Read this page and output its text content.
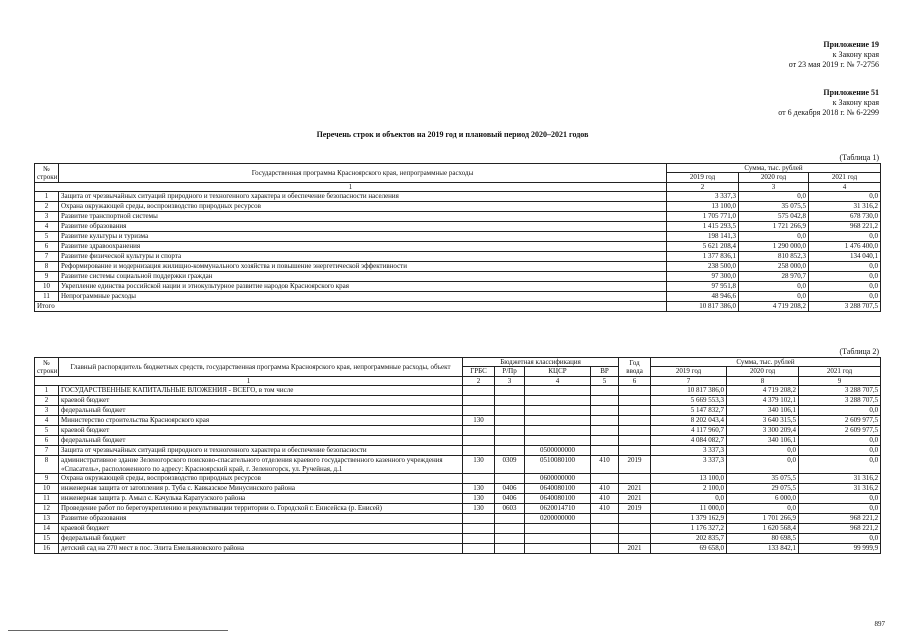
Приложение 19
к Закону края
от 23 мая 2019 г. № 7-2756
Приложение 51
к Закону края
от 6 декабря 2018 г. № 6-2299
Перечень строк и объектов на 2019 год и плановый период 2020–2021 годов
(Таблица 1)
№ строки	Государственная программа Красноярского края, непрограммные расходы	Сумма, тыс. рублей		
		2019 год	2020 год	2021 год
1		2	3	4
1	Защита от чрезвычайных ситуаций природного и техногенного характера и обеспечение безопасности населения	3 337,3	0,0	0,0
2	Охрана окружающей среды, воспроизводство природных ресурсов	13 100,0	35 075,5	31 316,2
3	Развитие транспортной системы	1 705 771,0	575 042,8	678 730,0
4	Развитие образования	1 415 293,5	1 721 266,9	968 221,2
5	Развитие культуры и туризма	198 141,3	0,0	0,0
6	Развитие здравоохранения	5 621 208,4	1 290 000,0	1 476 400,0
7	Развитие физической культуры и спорта	1 377 836,1	810 852,3	134 040,1
8	Реформирование и модернизация жилищно-коммунального хозяйства и повышение энергетической эффективности	238 500,0	258 000,0	0,0
9	Развитие системы социальной поддержки граждан	97 300,0	28 970,7	0,0
10	Укрепление единства российской нации и этнокультурное развитие народов Красноярского края	97 951,8	0,0	0,0
11	Непрограммные расходы	48 946,6	0,0	0,0
Итого		10 817 386,0	4 719 208,2	3 288 707,5
(Таблица 2)
№ строки	Главный распорядитель бюджетных средств, государственная программа Красноярского края, непрограммные расходы, объект	Бюджетная классификация				Год ввода	Сумма, тыс. рублей		
		ГРБС	Р/Пр	КЦСР	ВР		2019 год	2020 год	2021 год
1		2	3	4	5	6	7	8	9
1	ГОСУДАРСТВЕННЫЕ КАПИТАЛЬНЫЕ ВЛОЖЕНИЯ - ВСЕГО, в том числе						10 817 386,0	4 719 208,2	3 288 707,5
2	краевой бюджет						5 669 553,3	4 379 102,1	3 288 707,5
3	федеральный бюджет						5 147 832,7	340 106,1	0,0
4	Министерство строительства Красноярского края	130					8 202 043,4	3 640 315,5	2 609 977,5
5	краевой бюджет						4 117 960,7	3 300 209,4	2 609 977,5
6	федеральный бюджет						4 084 082,7	340 106,1	0,0
7	Защита от чрезвычайных ситуаций природного и техногенного характера и обеспечение безопасности			0500000000			3 337,3	0,0	0,0
8	административное здание Зеленогорского поисково-спасательного отделения краевого государственного казенного учреждения «Спасатель», расположенного по адресу: Красноярский край, г. Зеленогорск, ул. Ручейная, д.1	130	0309	0510080100	410	2019	3 337,3	0,0	0,0
9	Охрана окружающей среды, воспроизводство природных ресурсов			0600000000			13 100,0	35 075,5	31 316,2
10	инженерная защита от затопления р. Туба с. Кавказское Минусинского района	130	0406	0640080100	410	2021	2 100,0	29 075,5	31 316,2
11	инженерная защита р. Амыл с. Качулька Каратузского района	130	0406	0640080100	410	2021	0,0	6 000,0	0,0
12	Проведение работ по берегоукреплению и рекультивации территории о. Городской г. Енисейска (р. Енисей)	130	0603	0620014710	410	2019	11 000,0	0,0	0,0
13	Развитие образования			0200000000			1 379 162,9	1 701 266,9	968 221,2
14	краевой бюджет						1 176 327,2	1 620 568,4	968 221,2
15	федеральный бюджет						202 835,7	80 698,5	0,0
16	детский сад на 270 мест в пос. Элита Емельяновского района					2021	69 658,0	133 842,1	99 999,9
897
